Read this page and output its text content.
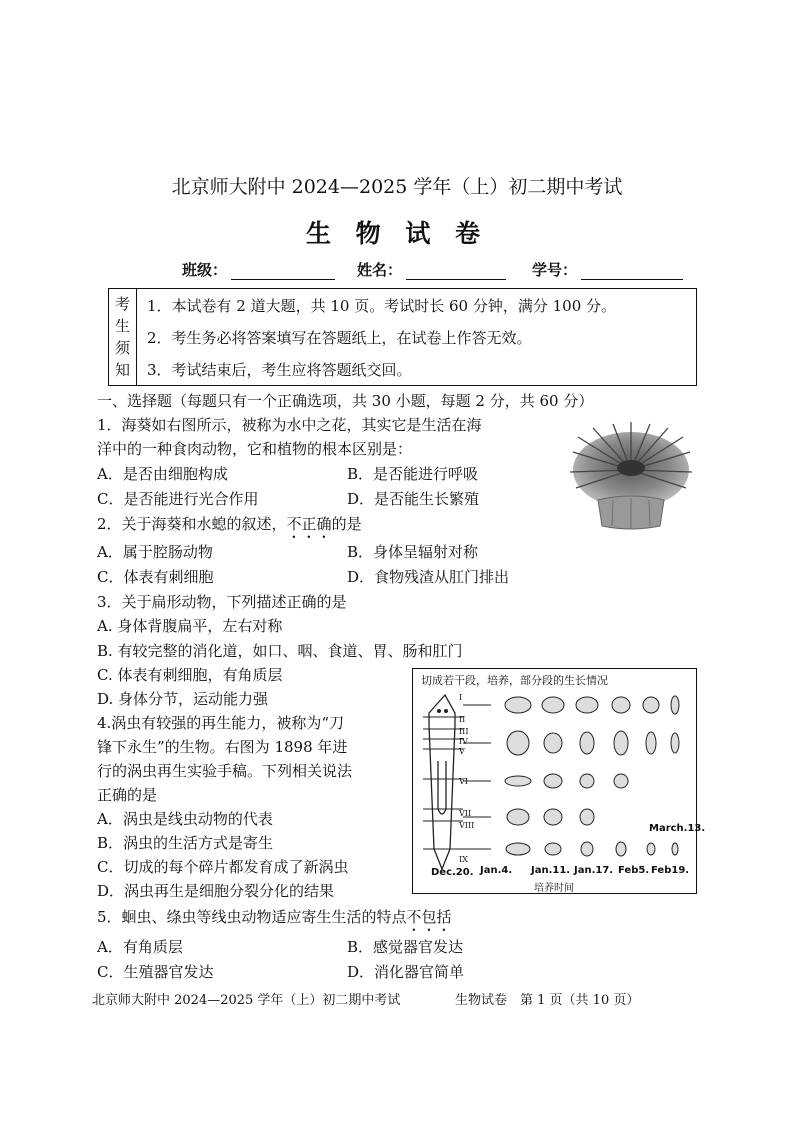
北京师大附中 2024—2025 学年（上）初二期中考试
生 物 试 卷
班级：	姓名：	学号：
考
生
须
知
1．本试卷有 2 道大题，共 10 页。考试时长 60 分钟，满分 100 分。
2．考生务必将答案填写在答题纸上，在试卷上作答无效。
3．考试结束后，考生应将答题纸交回。
一、选择题（每题只有一个正确选项，共 30 小题，每题 2 分，共 60 分）
1．海葵如右图所示，被称为水中之花，其实它是生活在海
洋中的一种食肉动物，它和植物的根本区别是：
A．是否由细胞构成	B．是否能进行呼吸
C．是否能进行光合作用	D．是否能生长繁殖
2．关于海葵和水螅的叙述，不正确的是
A．属于腔肠动物	B．身体呈辐射对称
C．体表有刺细胞	D．食物残渣从肛门排出
3．关于扁形动物，下列描述正确的是
A. 身体背腹扁平，左右对称
B. 有较完整的消化道，如口、咽、食道、胃、肠和肛门
C. 体表有刺细胞，有角质层
D. 身体分节，运动能力强
4.涡虫有较强的再生能力，被称为“刀
锋下永生”的生物。右图为 1898 年进
行的涡虫再生实验手稿。下列相关说法
正确的是
A．涡虫是线虫动物的代表
B．涡虫的生活方式是寄生
C．切成的每个碎片都发育成了新涡虫
D．涡虫再生是细胞分裂分化的结果
切成若干段，培养，部分段的生长情况
I
II
III
IV
V
VI
VII
VIII
IX
March.13.
Dec.20. Jan.4. Jan.11. Jan.17. Feb5. Feb19.
培养时间
5．蛔虫、绦虫等线虫动物适应寄生生活的特点不包括
A．有角质层	B．感觉器官发达
C．生殖器官发达	D．消化器官简单
北京师大附中 2024—2025 学年（上）初二期中考试	生物试卷　第 1 页（共 10 页）
